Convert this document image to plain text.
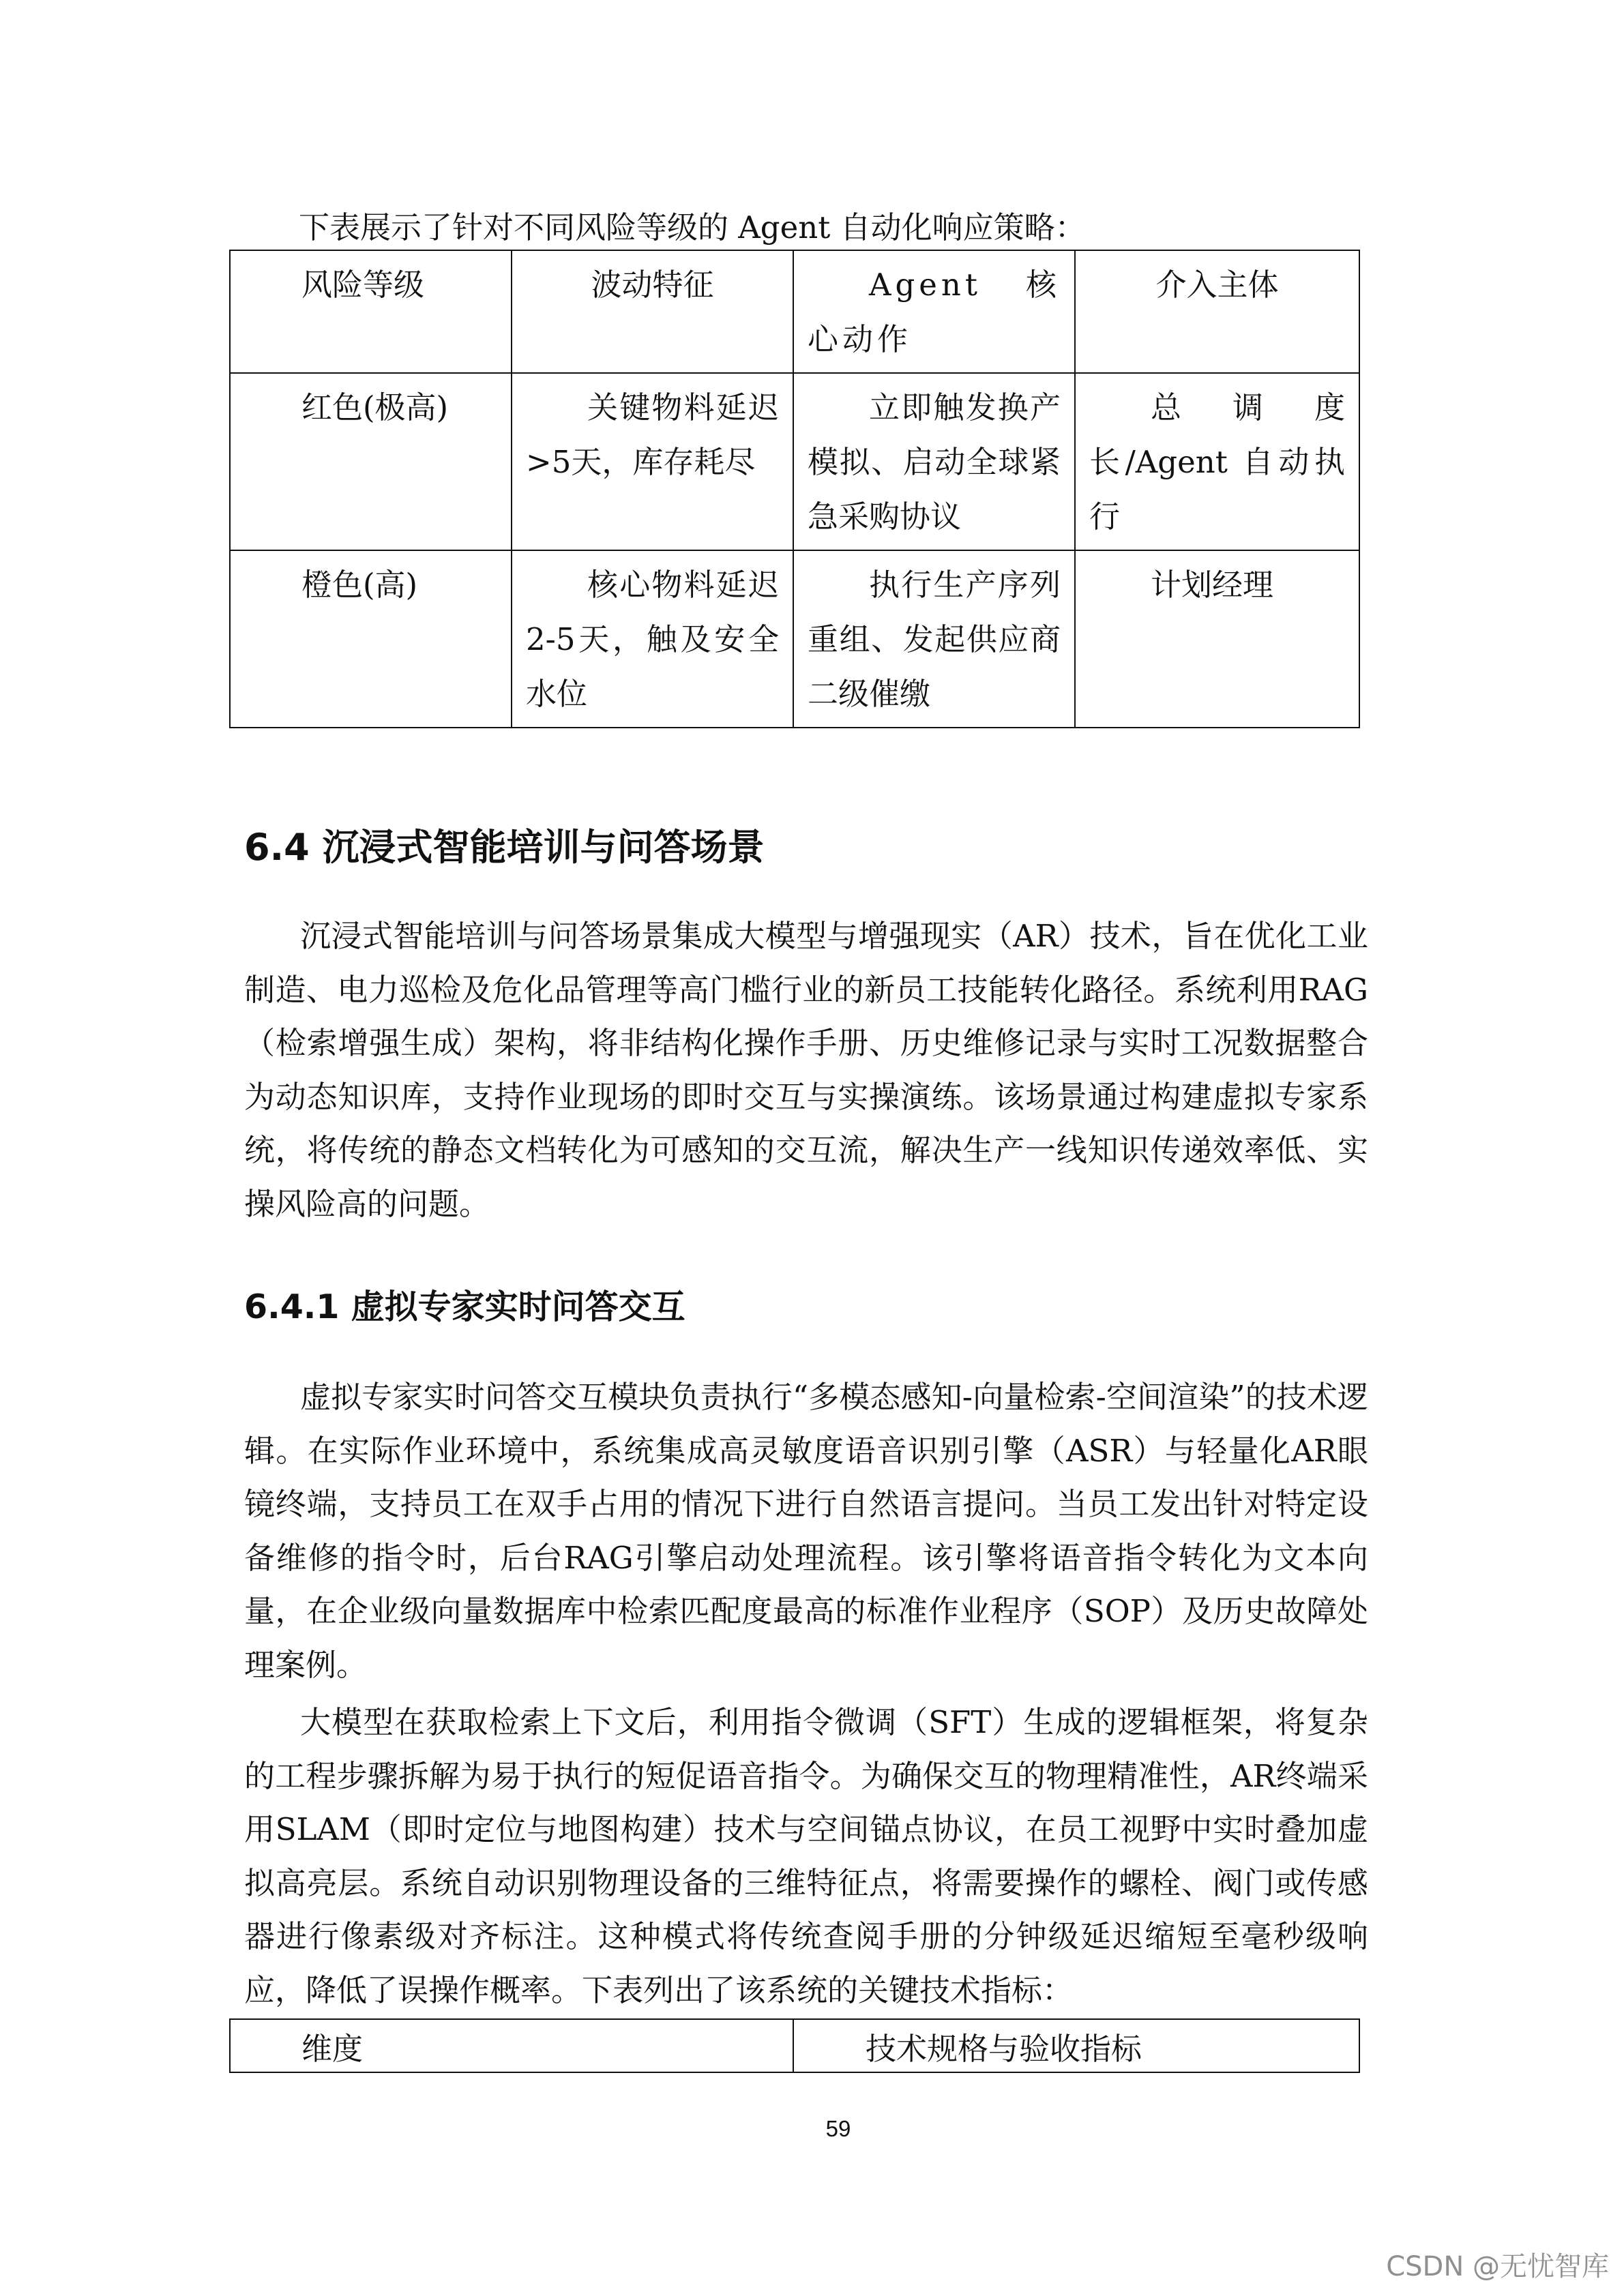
下表展示了针对不同风险等级的 Agent 自动化响应策略：

风险等级	波动特征	Agent 核心动作	介入主体
红色(极高)	关键物料延迟 >5天，库存耗尽	立即触发换产模拟、启动全球紧急采购协议	总调度长/Agent 自动执行
橙色(高)	核心物料延迟2-5天，触及安全水位	执行生产序列重组、发起供应商二级催缴	计划经理
6.4 沉浸式智能培训与问答场景

沉浸式智能培训与问答场景集成大模型与增强现实（AR）技术，旨在优化工业制造、电力巡检及危化品管理等高门槛行业的新员工技能转化路径。系统利用RAG（检索增强生成）架构，将非结构化操作手册、历史维修记录与实时工况数据整合为动态知识库，支持作业现场的即时交互与实操演练。该场景通过构建虚拟专家系统，将传统的静态文档转化为可感知的交互流，解决生产一线知识传递效率低、实操风险高的问题。

6.4.1 虚拟专家实时问答交互

虚拟专家实时问答交互模块负责执行“多模态感知-向量检索-空间渲染”的技术逻辑。在实际作业环境中，系统集成高灵敏度语音识别引擎（ASR）与轻量化AR眼镜终端，支持员工在双手占用的情况下进行自然语言提问。当员工发出针对特定设备维修的指令时，后台RAG引擎启动处理流程。该引擎将语音指令转化为文本向量，在企业级向量数据库中检索匹配度最高的标准作业程序（SOP）及历史故障处理案例。

大模型在获取检索上下文后，利用指令微调（SFT）生成的逻辑框架，将复杂的工程步骤拆解为易于执行的短促语音指令。为确保交互的物理精准性，AR终端采用SLAM（即时定位与地图构建）技术与空间锚点协议，在员工视野中实时叠加虚拟高亮层。系统自动识别物理设备的三维特征点，将需要操作的螺栓、阀门或传感器进行像素级对齐标注。这种模式将传统查阅手册的分钟级延迟缩短至毫秒级响应，降低了误操作概率。下表列出了该系统的关键技术指标：

维度	技术规格与验收指标
59
CSDN @无忧智库
